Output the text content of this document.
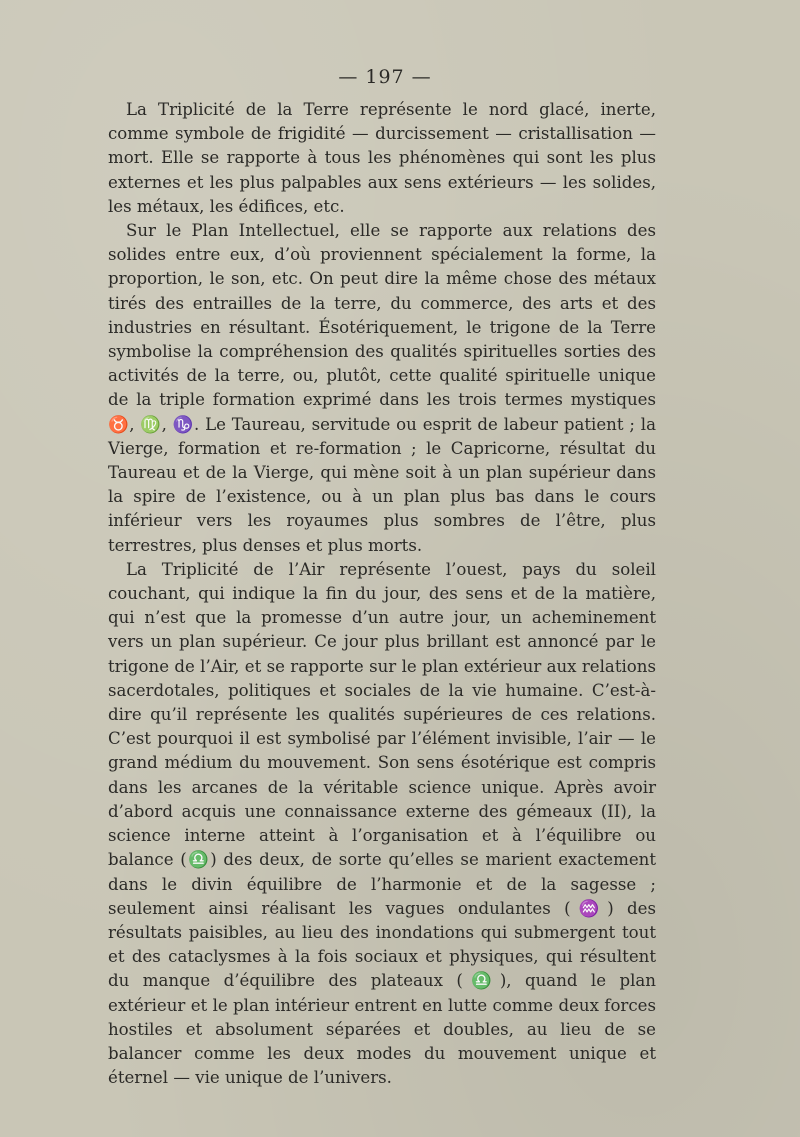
— 197 —

La Triplicité de la Terre représente le nord glacé, inerte, comme symbole de frigidité — durcissement — cristallisation — mort. Elle se rapporte à tous les phénomènes qui sont les plus externes et les plus palpables aux sens extérieurs — les solides, les métaux, les édifices, etc.

Sur le Plan Intellectuel, elle se rapporte aux relations des solides entre eux, d’où proviennent spécialement la forme, la proportion, le son, etc. On peut dire la même chose des métaux tirés des entrailles de la terre, du commerce, des arts et des industries en résultant. Ésotériquement, le trigone de la Terre symbolise la compréhension des qualités spirituelles sorties des activités de la terre, ou, plutôt, cette qualité spirituelle unique de la triple formation exprimé dans les trois termes mystiques ♉, ♍, ♑. Le Taureau, servitude ou esprit de labeur patient ; la Vierge, formation et re-formation ; le Capricorne, résultat du Taureau et de la Vierge, qui mène soit à un plan supérieur dans la spire de l’existence, ou à un plan plus bas dans le cours inférieur vers les royaumes plus sombres de l’être, plus terrestres, plus denses et plus morts.

La Triplicité de l’Air représente l’ouest, pays du soleil couchant, qui indique la fin du jour, des sens et de la matière, qui n’est que la promesse d’un autre jour, un acheminement vers un plan supérieur. Ce jour plus brillant est annoncé par le trigone de l’Air, et se rapporte sur le plan extérieur aux relations sacerdotales, politiques et sociales de la vie humaine. C’est-à-dire qu’il représente les qualités supérieures de ces relations. C’est pourquoi il est symbolisé par l’élément invisible, l’air — le grand médium du mouvement. Son sens ésotérique est compris dans les arcanes de la véritable science unique. Après avoir d’abord acquis une connaissance externe des gémeaux (II), la science interne atteint à l’organisation et à l’équilibre ou balance (♎) des deux, de sorte qu’elles se marient exactement dans le divin équilibre de l’harmonie et de la sagesse ; seulement ainsi réalisant les vagues ondulantes (♒) des résultats paisibles, au lieu des inondations qui submergent tout et des cataclysmes à la fois sociaux et physiques, qui résultent du manque d’équilibre des plateaux (♎), quand le plan extérieur et le plan intérieur entrent en lutte comme deux forces hostiles et absolument séparées et doubles, au lieu de se balancer comme les deux modes du mouvement unique et éternel — vie unique de l’univers.
